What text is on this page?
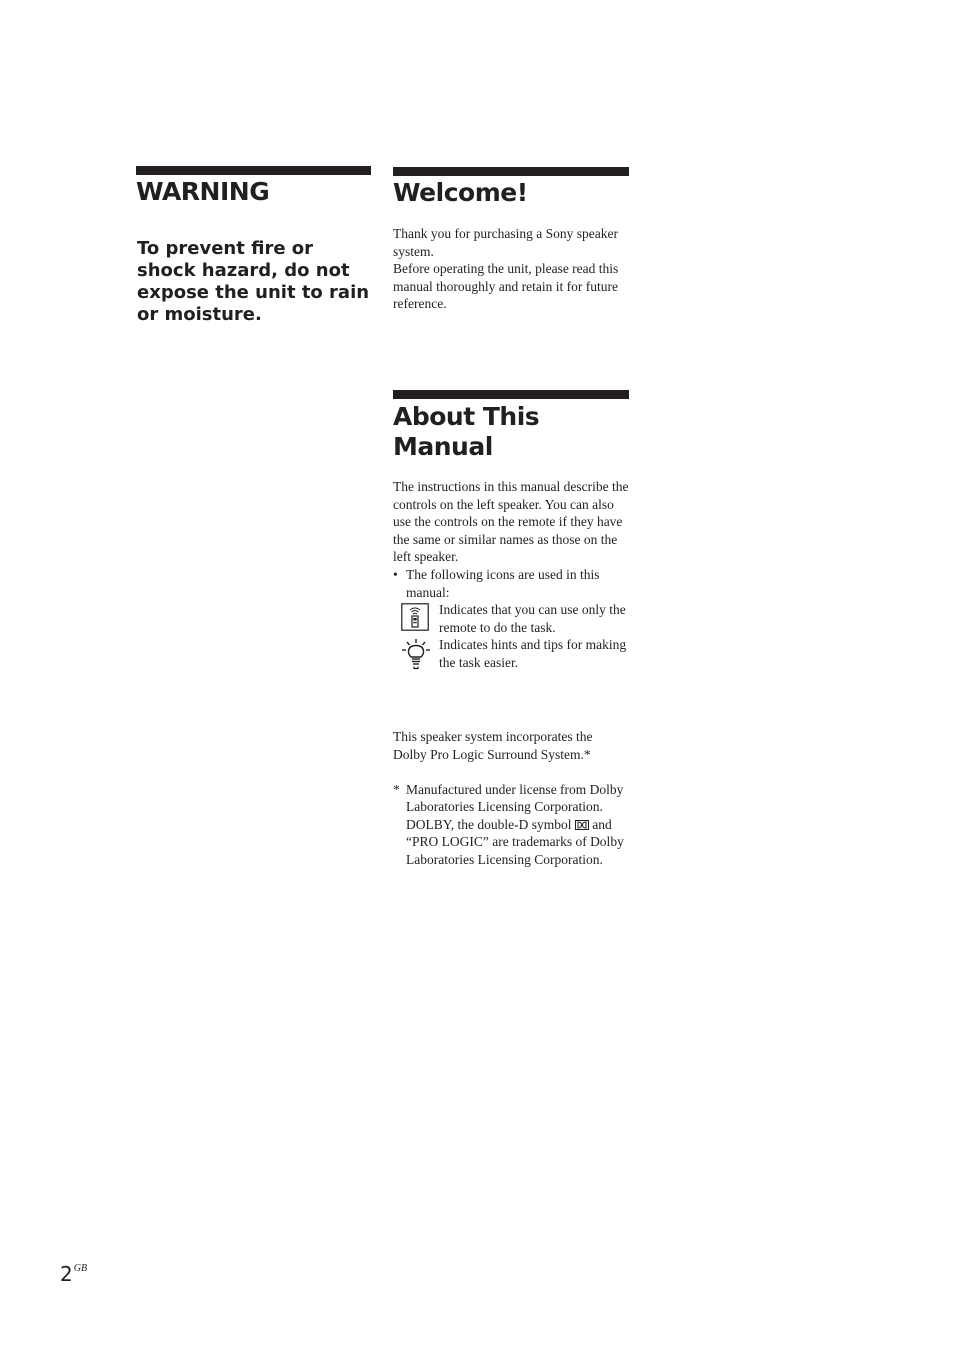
WARNING

To prevent fire or shock hazard, do not expose the unit to rain or moisture.

Welcome!

Thank you for purchasing a Sony speaker system.

Before operating the unit, please read this manual thoroughly and retain it for future reference.

About This Manual

The instructions in this manual describe the controls on the left speaker. You can also use the controls on the remote if they have the same or similar names as those on the left speaker.

• The following icons are used in this manual:
Indicates that you can use only the remote to do the task.
Indicates hints and tips for making the task easier.

This speaker system incorporates the Dolby Pro Logic Surround System.*

* Manufactured under license from Dolby Laboratories Licensing Corporation. DOLBY, the double-D symbol and “PRO LOGIC” are trademarks of Dolby Laboratories Licensing Corporation.
$2^{GB}$
